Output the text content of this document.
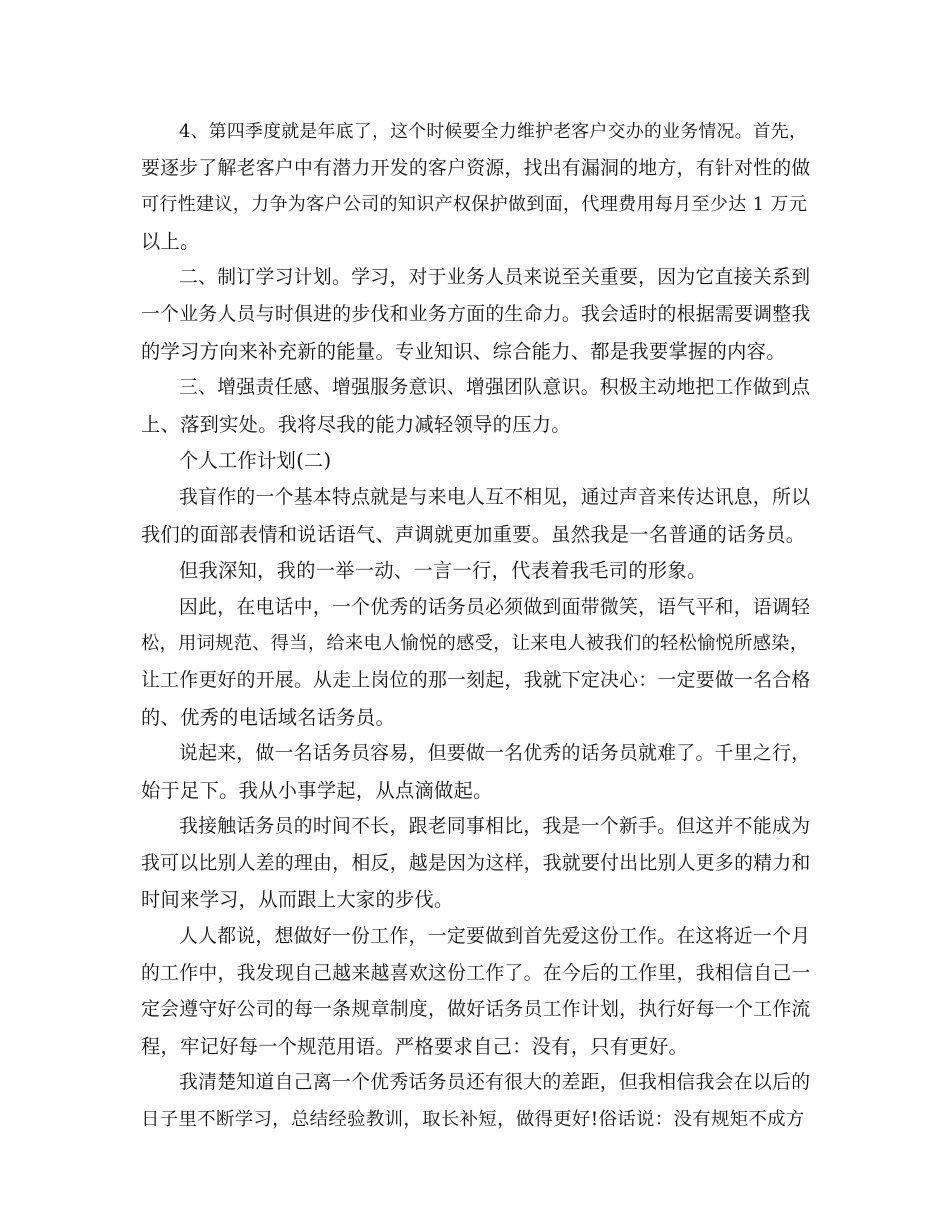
4、第四季度就是年底了，这个时候要全力维护老客户交办的业务情况。首先，
要逐步了解老客户中有潜力开发的客户资源，找出有漏洞的地方，有针对性的做
可行性建议，力争为客户公司的知识产权保护做到面，代理费用每月至少达 1 万元
以上。
二、制订学习计划。学习，对于业务人员来说至关重要，因为它直接关系到
一个业务人员与时俱进的步伐和业务方面的生命力。我会适时的根据需要调整我
的学习方向来补充新的能量。专业知识、综合能力、都是我要掌握的内容。
三、增强责任感、增强服务意识、增强团队意识。积极主动地把工作做到点
上、落到实处。我将尽我的能力减轻领导的压力。
个人工作计划(二)
我盲作的一个基本特点就是与来电人互不相见，通过声音来传达讯息，所以
我们的面部表情和说话语气、声调就更加重要。虽然我是一名普通的话务员。
但我深知，我的一举一动、一言一行，代表着我毛司的形象。
因此，在电话中，一个优秀的话务员必须做到面带微笑，语气平和，语调轻
松，用词规范、得当，给来电人愉悦的感受，让来电人被我们的轻松愉悦所感染，
让工作更好的开展。从走上岗位的那一刻起，我就下定决心：一定要做一名合格
的、优秀的电话域名话务员。
说起来，做一名话务员容易，但要做一名优秀的话务员就难了。千里之行，
始于足下。我从小事学起，从点滴做起。
我接触话务员的时间不长，跟老同事相比，我是一个新手。但这并不能成为
我可以比别人差的理由，相反，越是因为这样，我就要付出比别人更多的精力和
时间来学习，从而跟上大家的步伐。
人人都说，想做好一份工作，一定要做到首先爱这份工作。在这将近一个月
的工作中，我发现自己越来越喜欢这份工作了。在今后的工作里，我相信自己一
定会遵守好公司的每一条规章制度，做好话务员工作计划，执行好每一个工作流
程，牢记好每一个规范用语。严格要求自己：没有，只有更好。
我清楚知道自己离一个优秀话务员还有很大的差距，但我相信我会在以后的
日子里不断学习，总结经验教训，取长补短，做得更好!俗话说：没有规矩不成方
